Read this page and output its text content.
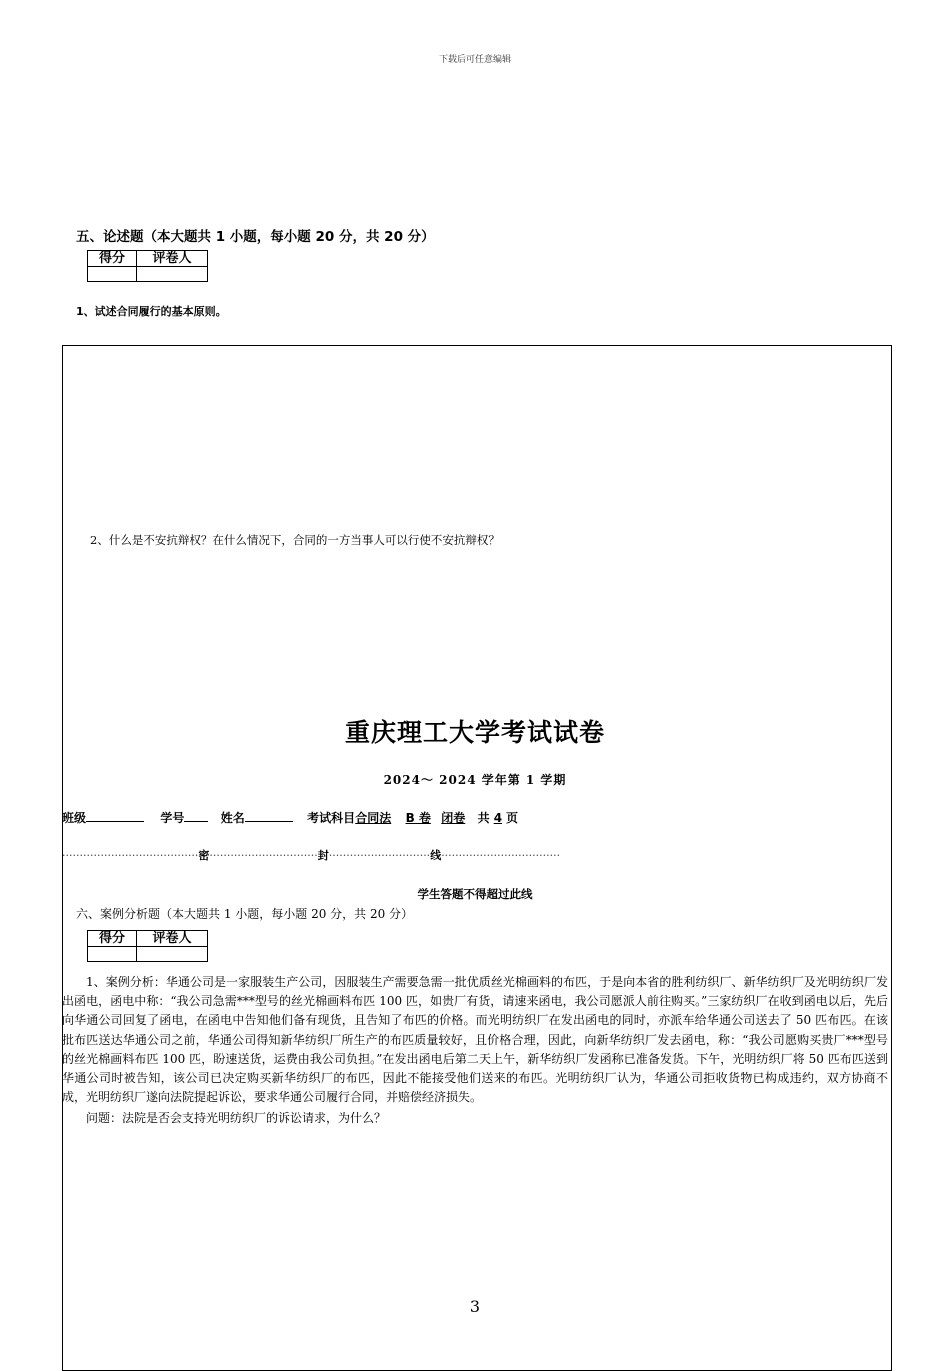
下载后可任意编辑
五、论述题（本大题共 1 小题，每小题 20 分，共 20 分）
得分	评卷人

1、试述合同履行的基本原则。
2、什么是不安抗辩权？在什么情况下，合同的一方当事人可以行使不安抗辩权？
重庆理工大学考试试卷
2024～ 2024 学年第 1 学期
班级	学号	姓名	考试科目合同法 B 卷 闭卷 共 4 页
·······································密·······························封·····························线··································
学生答题不得超过此线
六、案例分析题（本大题共 1 小题，每小题 20 分，共 20 分）
得分	评卷人

1、案例分析：华通公司是一家服装生产公司，因服装生产需要急需一批优质丝光棉画料的布匹，于是向本省的胜利纺织厂、新华纺织厂及光明纺织厂发出函电，函电中称：“我公司急需***型号的丝光棉画料布匹 100 匹，如贵厂有货，请速来函电，我公司愿派人前往购买。”三家纺织厂在收到函电以后，先后向华通公司回复了函电，在函电中告知他们备有现货，且告知了布匹的价格。而光明纺织厂在发出函电的同时，亦派车给华通公司送去了 50 匹布匹。在该批布匹送达华通公司之前，华通公司得知新华纺织厂所生产的布匹质量较好，且价格合理，因此，向新华纺织厂发去函电，称：“我公司愿购买贵厂***型号的丝光棉画料布匹 100 匹，盼速送货，运费由我公司负担。”在发出函电后第二天上午，新华纺织厂发函称已准备发货。下午，光明纺织厂将 50 匹布匹送到华通公司时被告知，该公司已决定购买新华纺织厂的布匹，因此不能接受他们送来的布匹。光明纺织厂认为，华通公司拒收货物已构成违约，双方协商不成，光明纺织厂遂向法院提起诉讼，要求华通公司履行合同，并赔偿经济损失。

问题：法院是否会支持光明纺织厂的诉讼请求，为什么？

3
